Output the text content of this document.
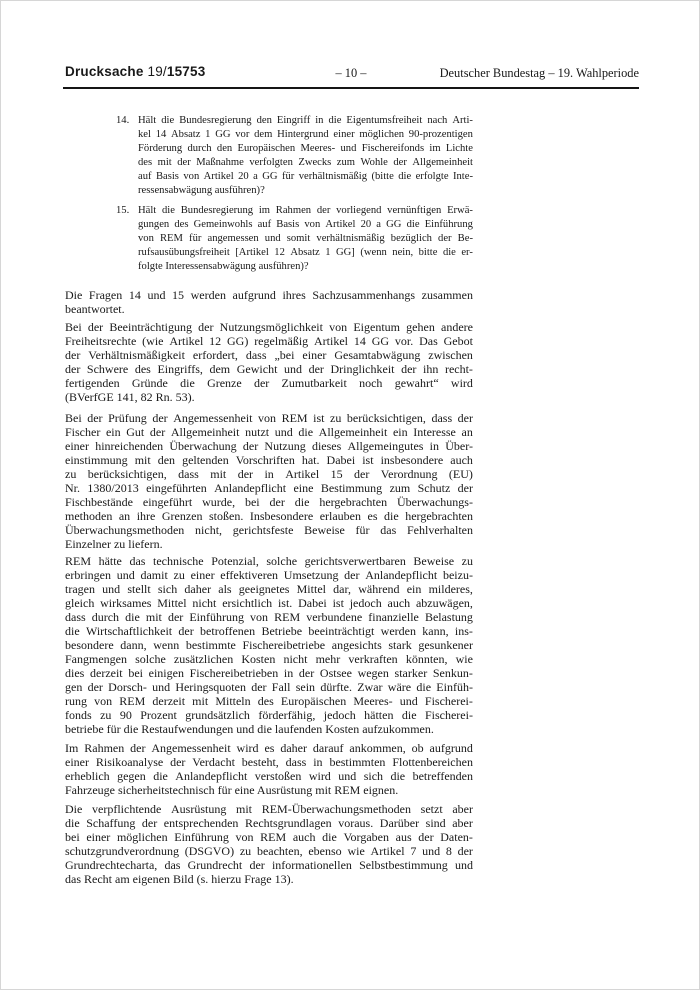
Drucksache 19/15753	– 10 –	Deutscher Bundestag – 19. Wahlperiode
14. Hält die Bundesregierung den Eingriff in die Eigentumsfreiheit nach Arti-
kel 14 Absatz 1 GG vor dem Hintergrund einer möglichen 90-prozentigen
Förderung durch den Europäischen Meeres- und Fischereifonds im Lichte
des mit der Maßnahme verfolgten Zwecks zum Wohle der Allgemeinheit
auf Basis von Artikel 20 a GG für verhältnismäßig (bitte die erfolgte Inte-
ressensabwägung ausführen)?
15. Hält die Bundesregierung im Rahmen der vorliegend vernünftigen Erwä-
gungen des Gemeinwohls auf Basis von Artikel 20 a GG die Einführung
von REM für angemessen und somit verhältnismäßig bezüglich der Be-
rufsausübungsfreiheit [Artikel 12 Absatz 1 GG] (wenn nein, bitte die er-
folgte Interessensabwägung ausführen)?
Die Fragen 14 und 15 werden aufgrund ihres Sachzusammenhangs zusammen
beantwortet.
Bei der Beeinträchtigung der Nutzungsmöglichkeit von Eigentum gehen andere
Freiheitsrechte (wie Artikel 12 GG) regelmäßig Artikel 14 GG vor. Das Gebot
der Verhältnismäßigkeit erfordert, dass „bei einer Gesamtabwägung zwischen
der Schwere des Eingriffs, dem Gewicht und der Dringlichkeit der ihn recht-
fertigenden Gründe die Grenze der Zumutbarkeit noch gewahrt“ wird
(BVerfGE 141, 82 Rn. 53).
Bei der Prüfung der Angemessenheit von REM ist zu berücksichtigen, dass der
Fischer ein Gut der Allgemeinheit nutzt und die Allgemeinheit ein Interesse an
einer hinreichenden Überwachung der Nutzung dieses Allgemeingutes in Über-
einstimmung mit den geltenden Vorschriften hat. Dabei ist insbesondere auch
zu berücksichtigen, dass mit der in Artikel 15 der Verordnung (EU)
Nr. 1380/2013 eingeführten Anlandepflicht eine Bestimmung zum Schutz der
Fischbestände eingeführt wurde, bei der die hergebrachten Überwachungs-
methoden an ihre Grenzen stoßen. Insbesondere erlauben es die hergebrachten
Überwachungsmethoden nicht, gerichtsfeste Beweise für das Fehlverhalten
Einzelner zu liefern.
REM hätte das technische Potenzial, solche gerichtsverwertbaren Beweise zu
erbringen und damit zu einer effektiveren Umsetzung der Anlandepflicht beizu-
tragen und stellt sich daher als geeignetes Mittel dar, während ein milderes,
gleich wirksames Mittel nicht ersichtlich ist. Dabei ist jedoch auch abzuwägen,
dass durch die mit der Einführung von REM verbundene finanzielle Belastung
die Wirtschaftlichkeit der betroffenen Betriebe beeinträchtigt werden kann, ins-
besondere dann, wenn bestimmte Fischereibetriebe angesichts stark gesunkener
Fangmengen solche zusätzlichen Kosten nicht mehr verkraften könnten, wie
dies derzeit bei einigen Fischereibetrieben in der Ostsee wegen starker Senkun-
gen der Dorsch- und Heringsquoten der Fall sein dürfte. Zwar wäre die Einfüh-
rung von REM derzeit mit Mitteln des Europäischen Meeres- und Fischerei-
fonds zu 90 Prozent grundsätzlich förderfähig, jedoch hätten die Fischerei-
betriebe für die Restaufwendungen und die laufenden Kosten aufzukommen.
Im Rahmen der Angemessenheit wird es daher darauf ankommen, ob aufgrund
einer Risikoanalyse der Verdacht besteht, dass in bestimmten Flottenbereichen
erheblich gegen die Anlandepflicht verstoßen wird und sich die betreffenden
Fahrzeuge sicherheitstechnisch für eine Ausrüstung mit REM eignen.
Die verpflichtende Ausrüstung mit REM-Überwachungsmethoden setzt aber
die Schaffung der entsprechenden Rechtsgrundlagen voraus. Darüber sind aber
bei einer möglichen Einführung von REM auch die Vorgaben aus der Daten-
schutzgrundverordnung (DSGVO) zu beachten, ebenso wie Artikel 7 und 8 der
Grundrechtecharta, das Grundrecht der informationellen Selbstbestimmung und
das Recht am eigenen Bild (s. hierzu Frage 13).
